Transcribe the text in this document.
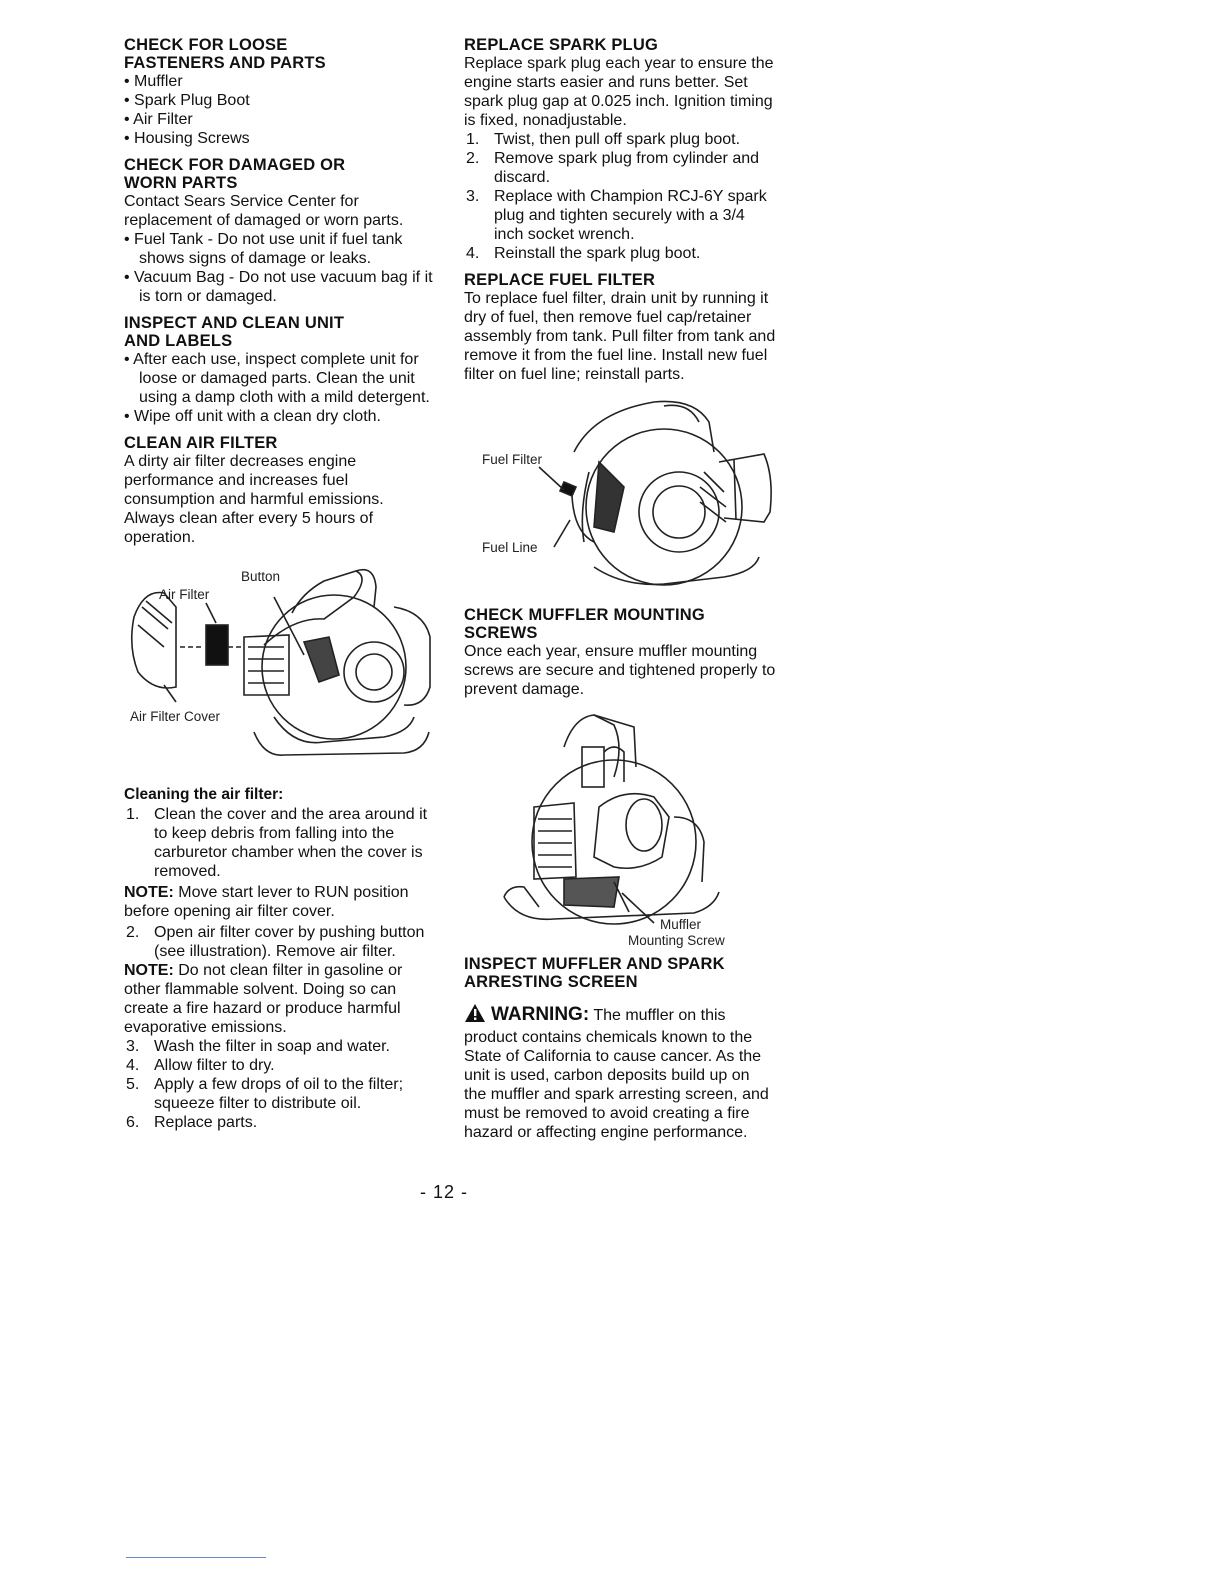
CHECK FOR LOOSE
FASTENERS AND PARTS
• Muffler
• Spark Plug Boot
• Air Filter
• Housing Screws
CHECK FOR DAMAGED OR
WORN PARTS

Contact Sears Service Center for replacement of damaged or worn parts.

• Fuel Tank - Do not use unit if fuel tank shows signs of damage or leaks.
• Vacuum Bag - Do not use vacuum bag if it is torn or damaged.
INSPECT AND CLEAN UNIT
AND LABELS
• After each use, inspect complete unit for loose or damaged parts. Clean the unit using a damp cloth with a mild detergent.
• Wipe off unit with a clean dry cloth.
CLEAN AIR FILTER

A dirty air filter decreases engine performance and increases fuel consumption and harmful emissions. Always clean after every 5 hours of operation.

Button
Air Filter
Air Filter Cover
Cleaning the air filter:
1. Clean the cover and the area around it to keep debris from falling into the carburetor chamber when the cover is removed.

NOTE: Move start lever to RUN position before opening air filter cover.

2. Open air filter cover by pushing button (see illustration). Remove air filter.

NOTE: Do not clean filter in gasoline or other flammable solvent. Doing so can create a fire hazard or produce harmful evaporative emissions.

3. Wash the filter in soap and water.
4. Allow filter to dry.
5. Apply a few drops of oil to the filter; squeeze filter to distribute oil.
6. Replace parts.
REPLACE SPARK PLUG

Replace spark plug each year to ensure the engine starts easier and runs better. Set spark plug gap at 0.025 inch. Ignition timing is fixed, nonadjustable.

1. Twist, then pull off spark plug boot.
2. Remove spark plug from cylinder and discard.
3. Replace with Champion RCJ-6Y spark plug and tighten securely with a 3/4 inch socket wrench.
4. Reinstall the spark plug boot.
REPLACE FUEL FILTER

To replace fuel filter, drain unit by running it dry of fuel, then remove fuel cap/retainer assembly from tank. Pull filter from tank and remove it from the fuel line. Install new fuel filter on fuel line; reinstall parts.

Fuel Filter
Fuel Line
CHECK MUFFLER MOUNTING
SCREWS

Once each year, ensure muffler mounting screws are secure and tightened properly to prevent damage.

Muffler
Mounting Screw
INSPECT MUFFLER AND SPARK
ARRESTING SCREEN

WARNING: The muffler on this product contains chemicals known to the State of California to cause cancer. As the unit is used, carbon deposits build up on the muffler and spark arresting screen, and must be removed to avoid creating a fire hazard or affecting engine performance.

- 12 -
